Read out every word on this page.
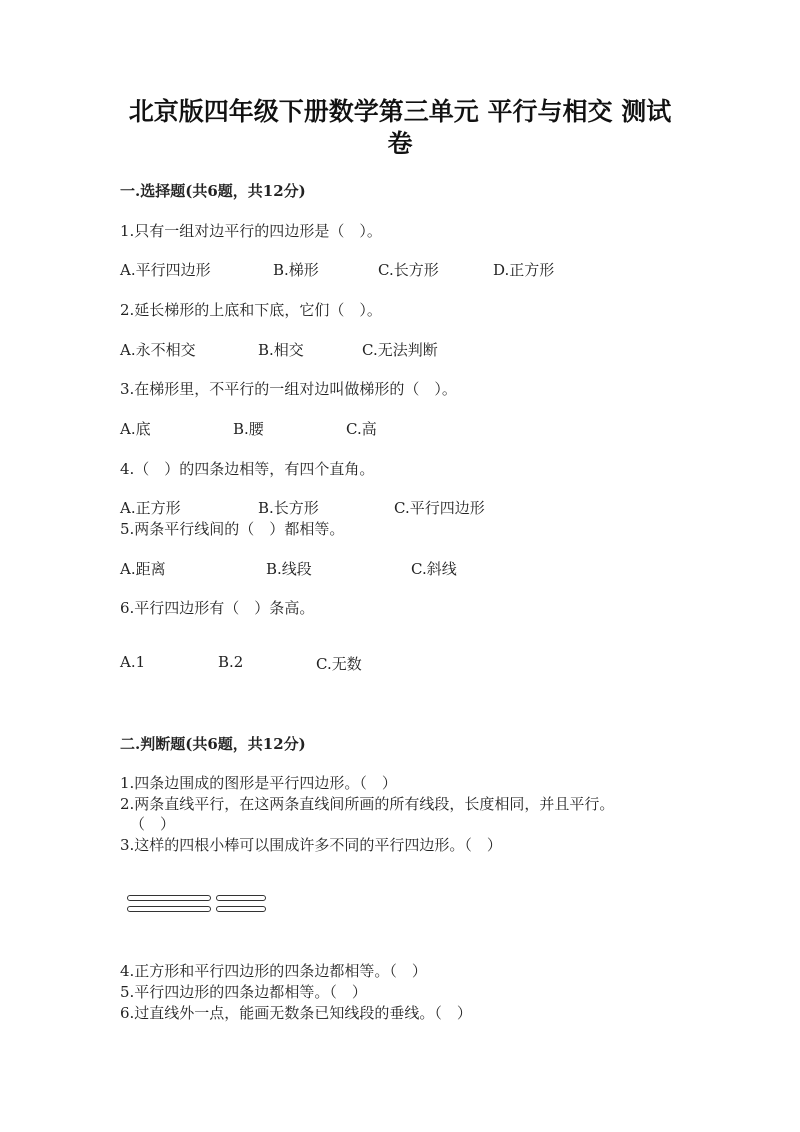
北京版四年级下册数学第三单元 平行与相交 测试
卷
一.选择题(共6题，共12分)
1.只有一组对边平行的四边形是（　）。
A.平行四边形	B.梯形	C.长方形	D.正方形
2.延长梯形的上底和下底，它们（　）。
A.永不相交	B.相交	C.无法判断
3.在梯形里，不平行的一组对边叫做梯形的（　）。
A.底	B.腰	C.高
4.（　）的四条边相等，有四个直角。
A.正方形	B.长方形	C.平行四边形
5.两条平行线间的（　）都相等。
A.距离	B.线段	C.斜线
6.平行四边形有（　）条高。
A.1	B.2	C.无数
二.判断题(共6题，共12分)
1.四条边围成的图形是平行四边形。（　）
2.两条直线平行，在这两条直线间所画的所有线段，长度相同，并且平行。
（　）
3.这样的四根小棒可以围成许多不同的平行四边形。（　）
4.正方形和平行四边形的四条边都相等。（　）
5.平行四边形的四条边都相等。（　）
6.过直线外一点，能画无数条已知线段的垂线。（　）
